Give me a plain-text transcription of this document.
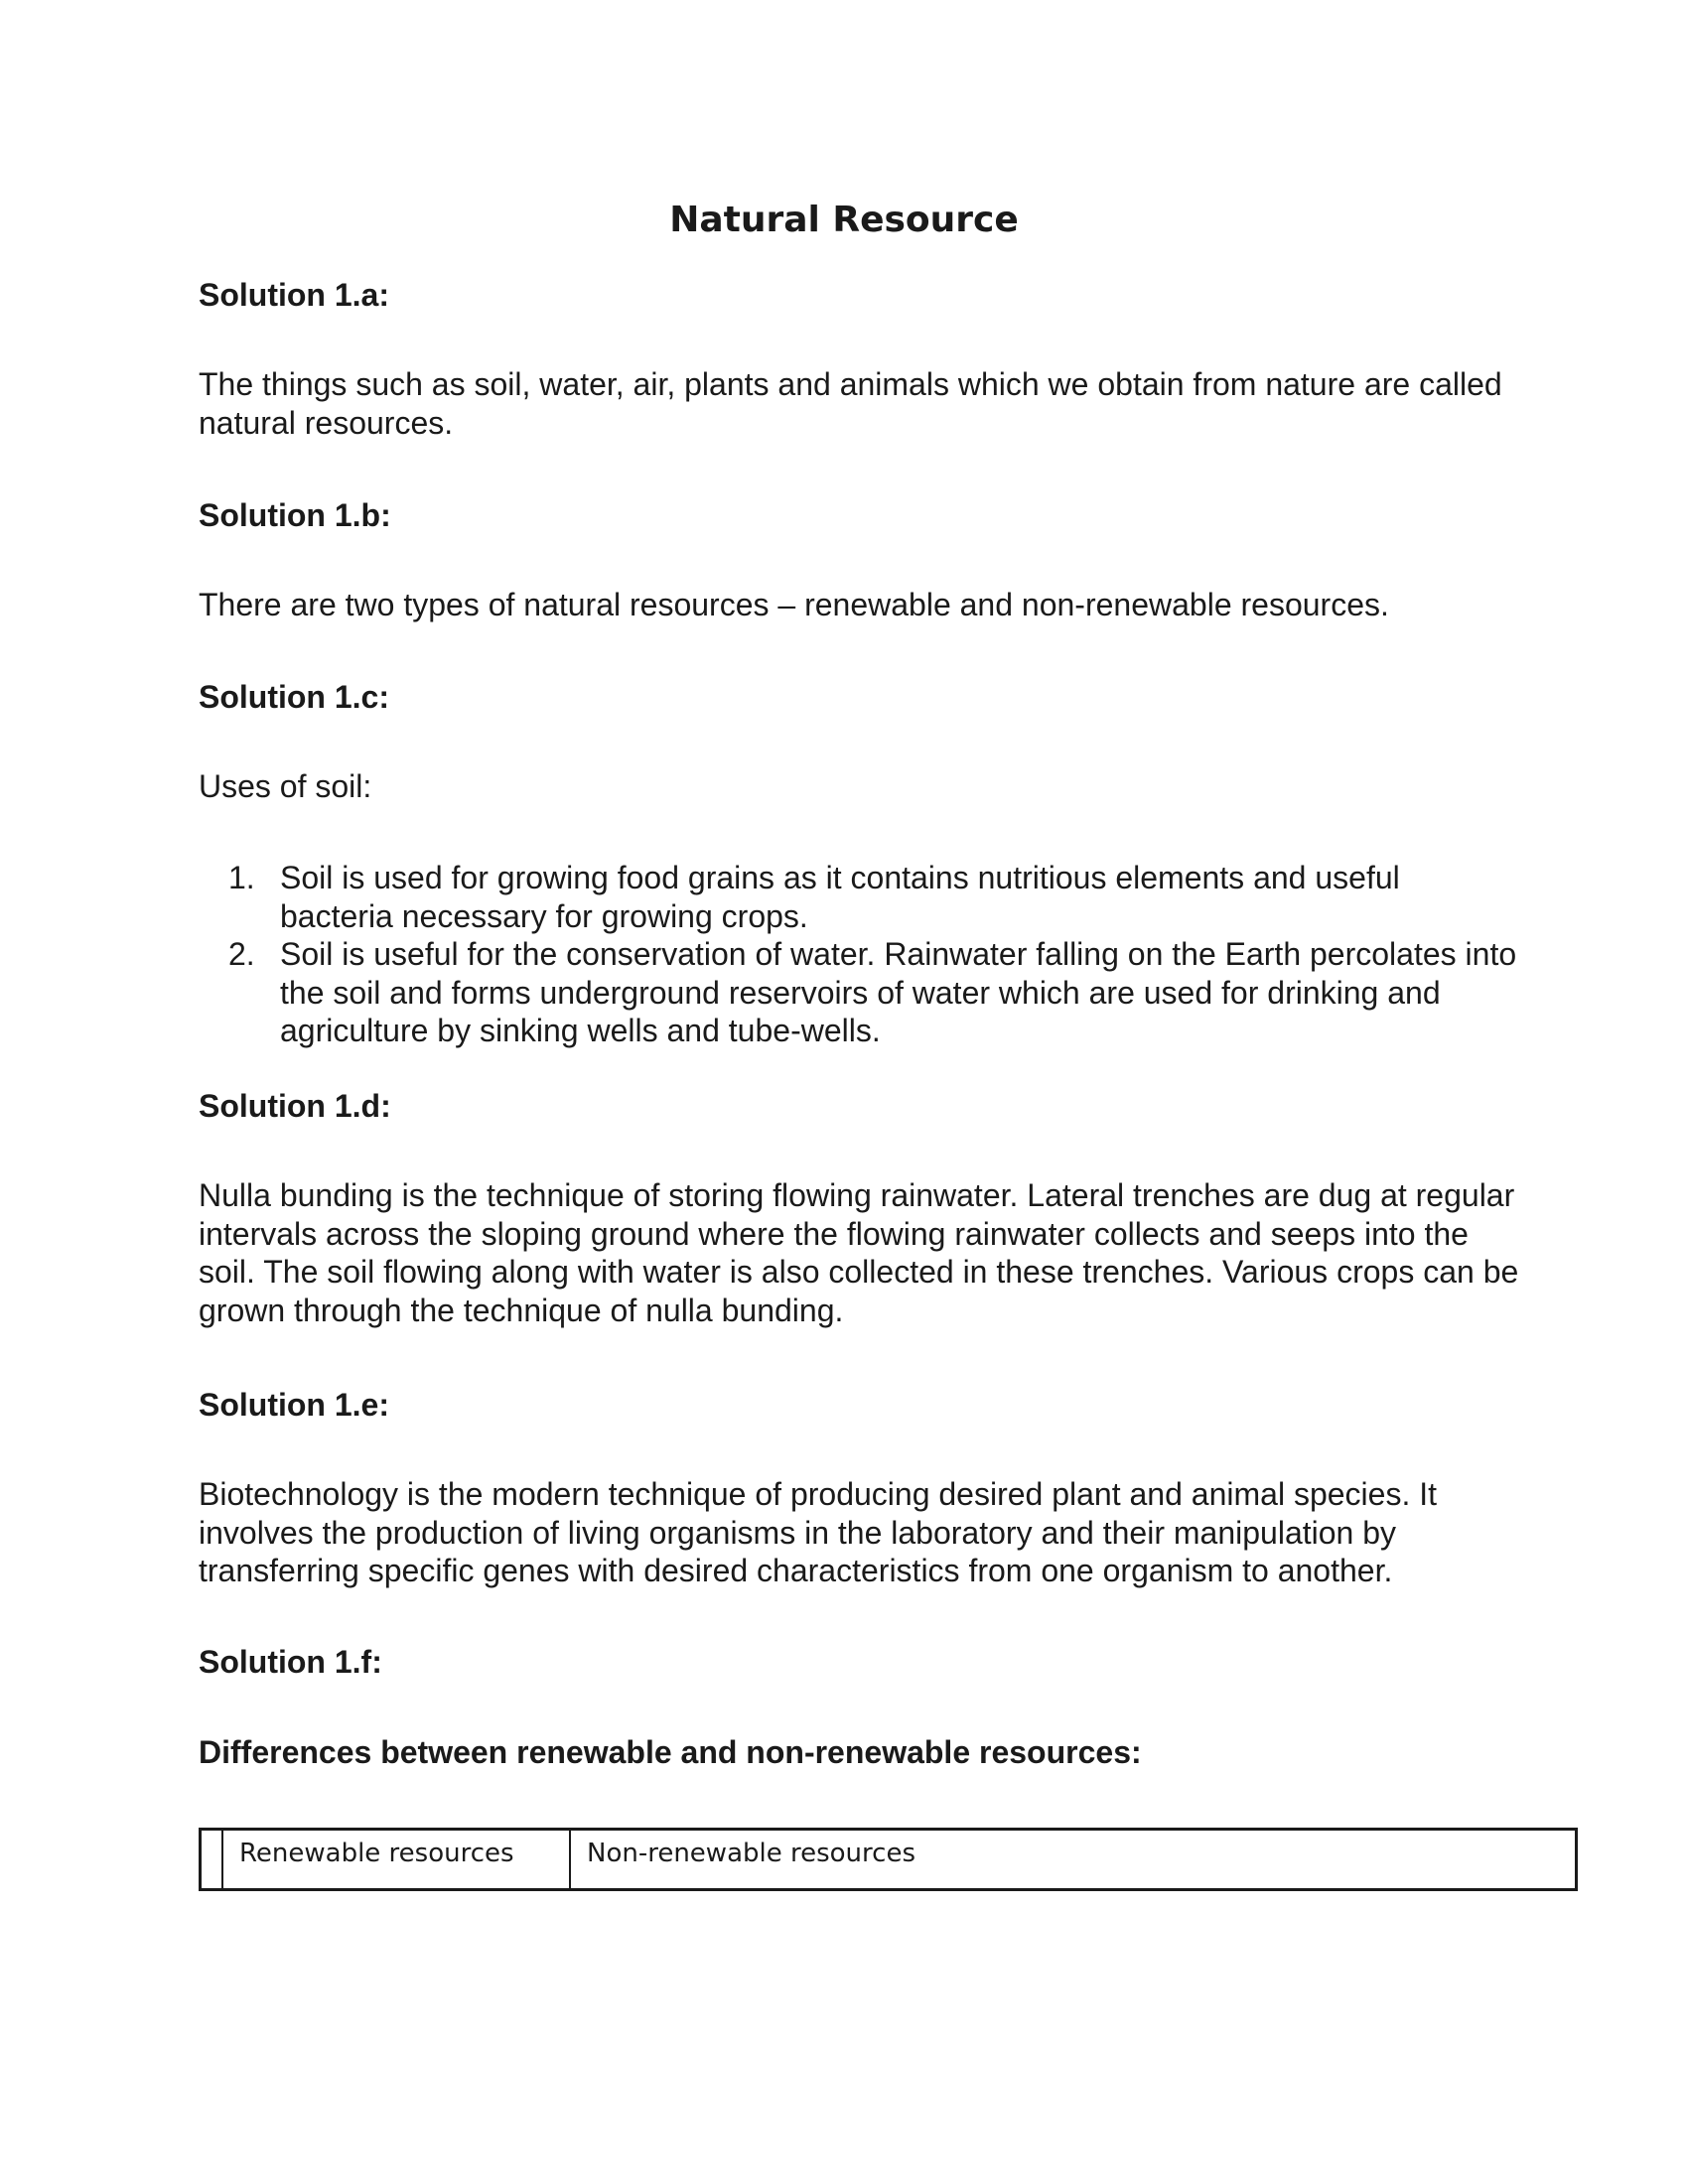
Natural Resource
Solution 1.a:

The things such as soil, water, air, plants and animals which we obtain from nature are called natural resources.

Solution 1.b:

There are two types of natural resources – renewable and non-renewable resources.

Solution 1.c:

Uses of soil:

1. Soil is used for growing food grains as it contains nutritious elements and useful bacteria necessary for growing crops.
2. Soil is useful for the conservation of water. Rainwater falling on the Earth percolates into the soil and forms underground reservoirs of water which are used for drinking and agriculture by sinking wells and tube-wells.
Solution 1.d:

Nulla bunding is the technique of storing flowing rainwater. Lateral trenches are dug at regular intervals across the sloping ground where the flowing rainwater collects and seeps into the soil. The soil flowing along with water is also collected in these trenches. Various crops can be grown through the technique of nulla bunding.

Solution 1.e:

Biotechnology is the modern technique of producing desired plant and animal species. It involves the production of living organisms in the laboratory and their manipulation by transferring specific genes with desired characteristics from one organism to another.

Solution 1.f:
Differences between renewable and non-renewable resources:
	Renewable resources	Non-renewable resources
